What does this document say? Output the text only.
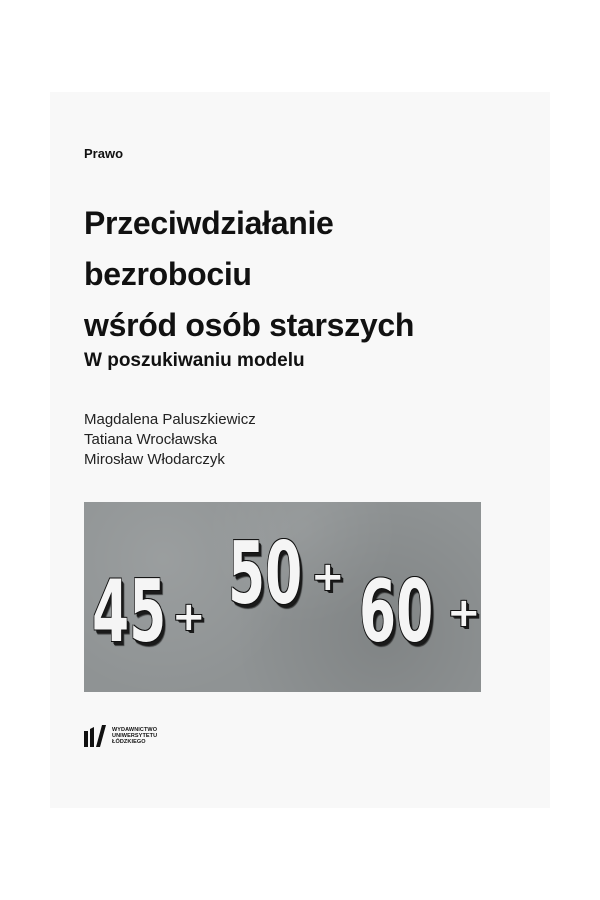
Prawo
Przeciwdziałanie
bezrobociu
wśród osób starszych
W poszukiwaniu modelu
Magdalena Paluszkiewicz
Tatiana Wrocławska
Mirosław Włodarczyk
45 + 50 + 60 +
WYDAWNICTWO
UNIWERSYTETU
ŁÓDZKIEGO
